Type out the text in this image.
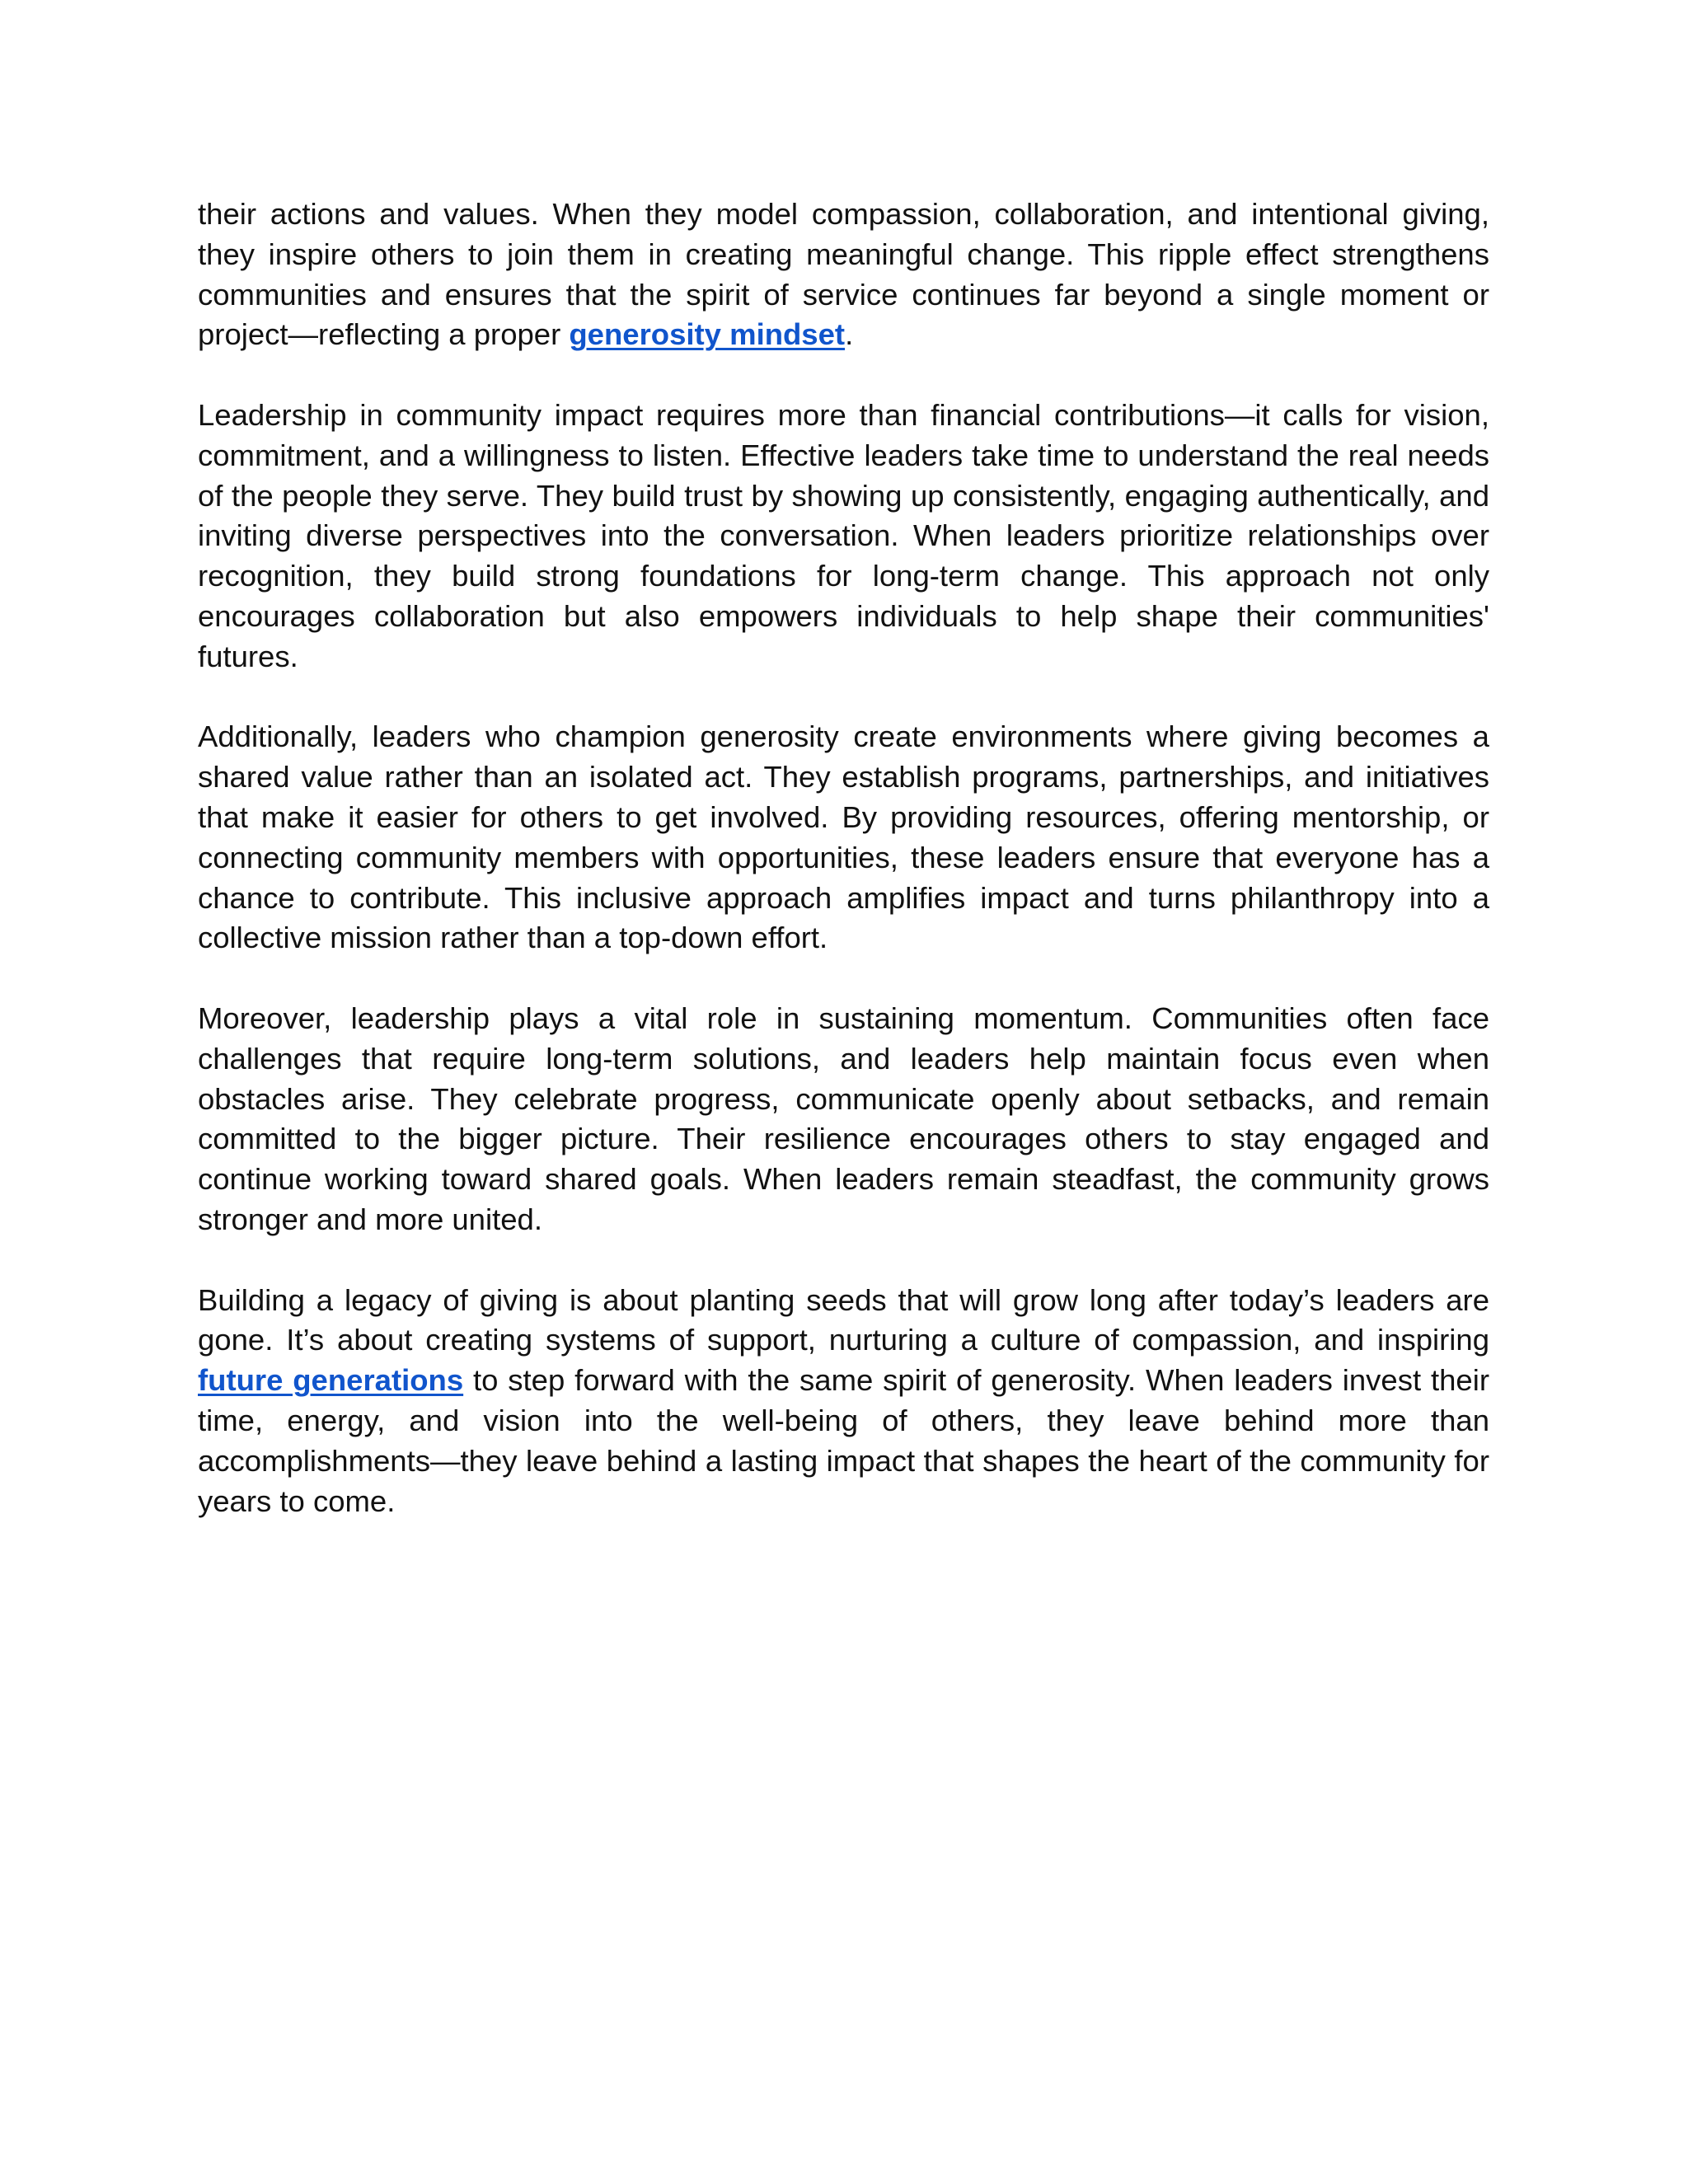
their actions and values. When they model compassion, collaboration, and intentional giving, they inspire others to join them in creating meaningful change. This ripple effect strengthens communities and ensures that the spirit of service continues far beyond a single moment or project—reflecting a proper generosity mindset.

Leadership in community impact requires more than financial contributions—it calls for vision, commitment, and a willingness to listen. Effective leaders take time to understand the real needs of the people they serve. They build trust by showing up consistently, engaging authentically, and inviting diverse perspectives into the conversation. When leaders prioritize relationships over recognition, they build strong foundations for long-term change. This approach not only encourages collaboration but also empowers individuals to help shape their communities' futures.

Additionally, leaders who champion generosity create environments where giving becomes a shared value rather than an isolated act. They establish programs, partnerships, and initiatives that make it easier for others to get involved. By providing resources, offering mentorship, or connecting community members with opportunities, these leaders ensure that everyone has a chance to contribute. This inclusive approach amplifies impact and turns philanthropy into a collective mission rather than a top-down effort.

Moreover, leadership plays a vital role in sustaining momentum. Communities often face challenges that require long-term solutions, and leaders help maintain focus even when obstacles arise. They celebrate progress, communicate openly about setbacks, and remain committed to the bigger picture. Their resilience encourages others to stay engaged and continue working toward shared goals. When leaders remain steadfast, the community grows stronger and more united.

Building a legacy of giving is about planting seeds that will grow long after today’s leaders are gone. It’s about creating systems of support, nurturing a culture of compassion, and inspiring future generations to step forward with the same spirit of generosity. When leaders invest their time, energy, and vision into the well-being of others, they leave behind more than accomplishments—they leave behind a lasting impact that shapes the heart of the community for years to come.
